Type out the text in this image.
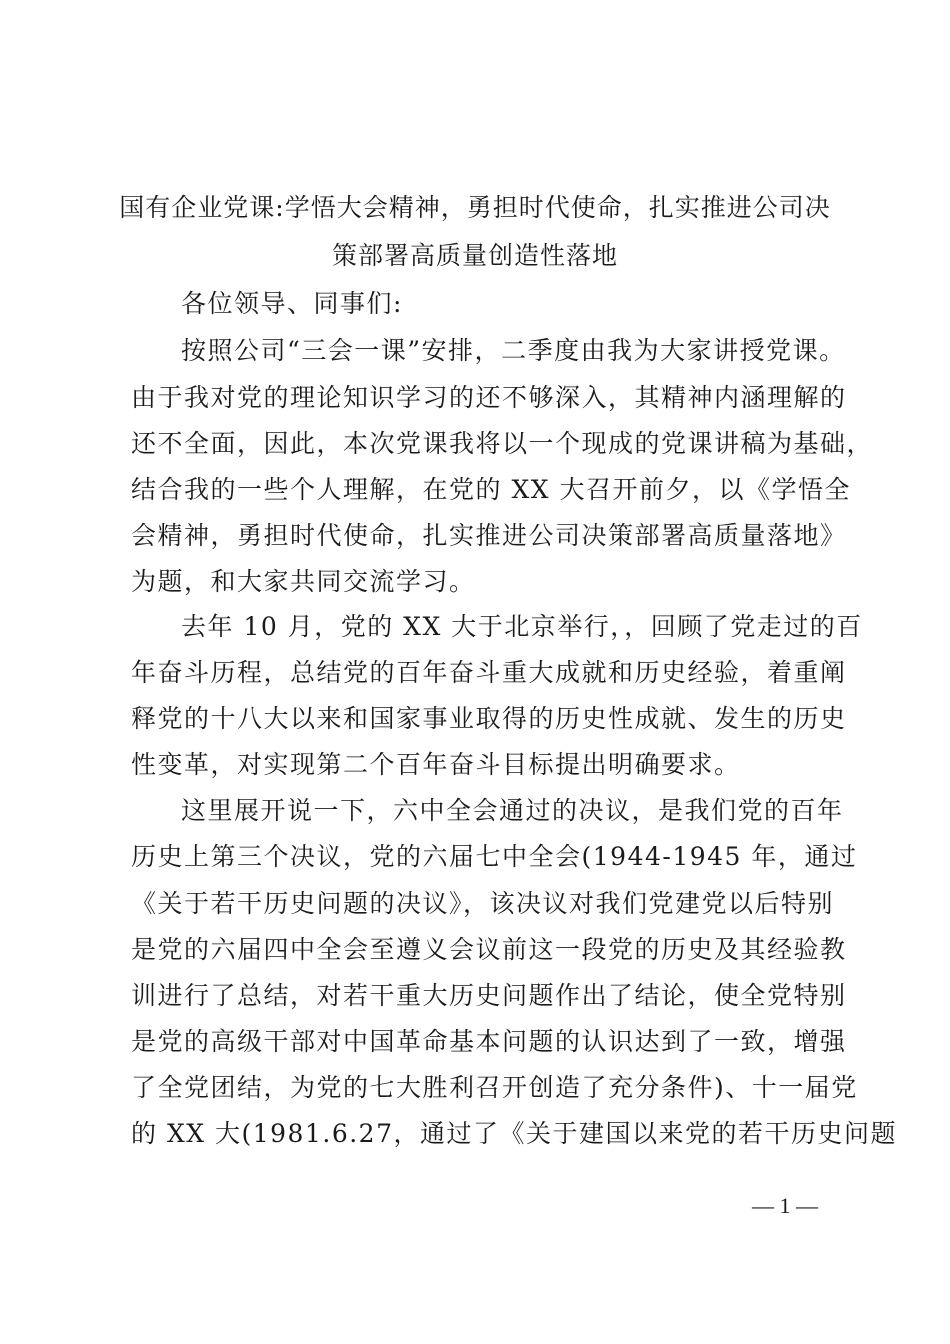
国有企业党课:学悟大会精神，勇担时代使命，扎实推进公司决
策部署高质量创造性落地
各位领导、同事们:
按照公司“三会一课”安排，二季度由我为大家讲授党课。
由于我对党的理论知识学习的还不够深入，其精神内涵理解的
还不全面，因此，本次党课我将以一个现成的党课讲稿为基础，
结合我的一些个人理解，在党的 XX 大召开前夕，以《学悟全
会精神，勇担时代使命，扎实推进公司决策部署高质量落地》
为题，和大家共同交流学习。
去年 10 月，党的 XX 大于北京举行，，回顾了党走过的百
年奋斗历程，总结党的百年奋斗重大成就和历史经验，着重阐
释党的十八大以来和国家事业取得的历史性成就、发生的历史
性变革，对实现第二个百年奋斗目标提出明确要求。
这里展开说一下，六中全会通过的决议，是我们党的百年
历史上第三个决议，党的六届七中全会(1944-1945 年，通过
《关于若干历史问题的决议》，该决议对我们党建党以后特别
是党的六届四中全会至遵义会议前这一段党的历史及其经验教
训进行了总结，对若干重大历史问题作出了结论，使全党特别
是党的高级干部对中国革命基本问题的认识达到了一致，增强
了全党团结，为党的七大胜利召开创造了充分条件)、十一届党
的 XX 大(1981.6.27，通过了《关于建国以来党的若干历史问题
— 1 —
